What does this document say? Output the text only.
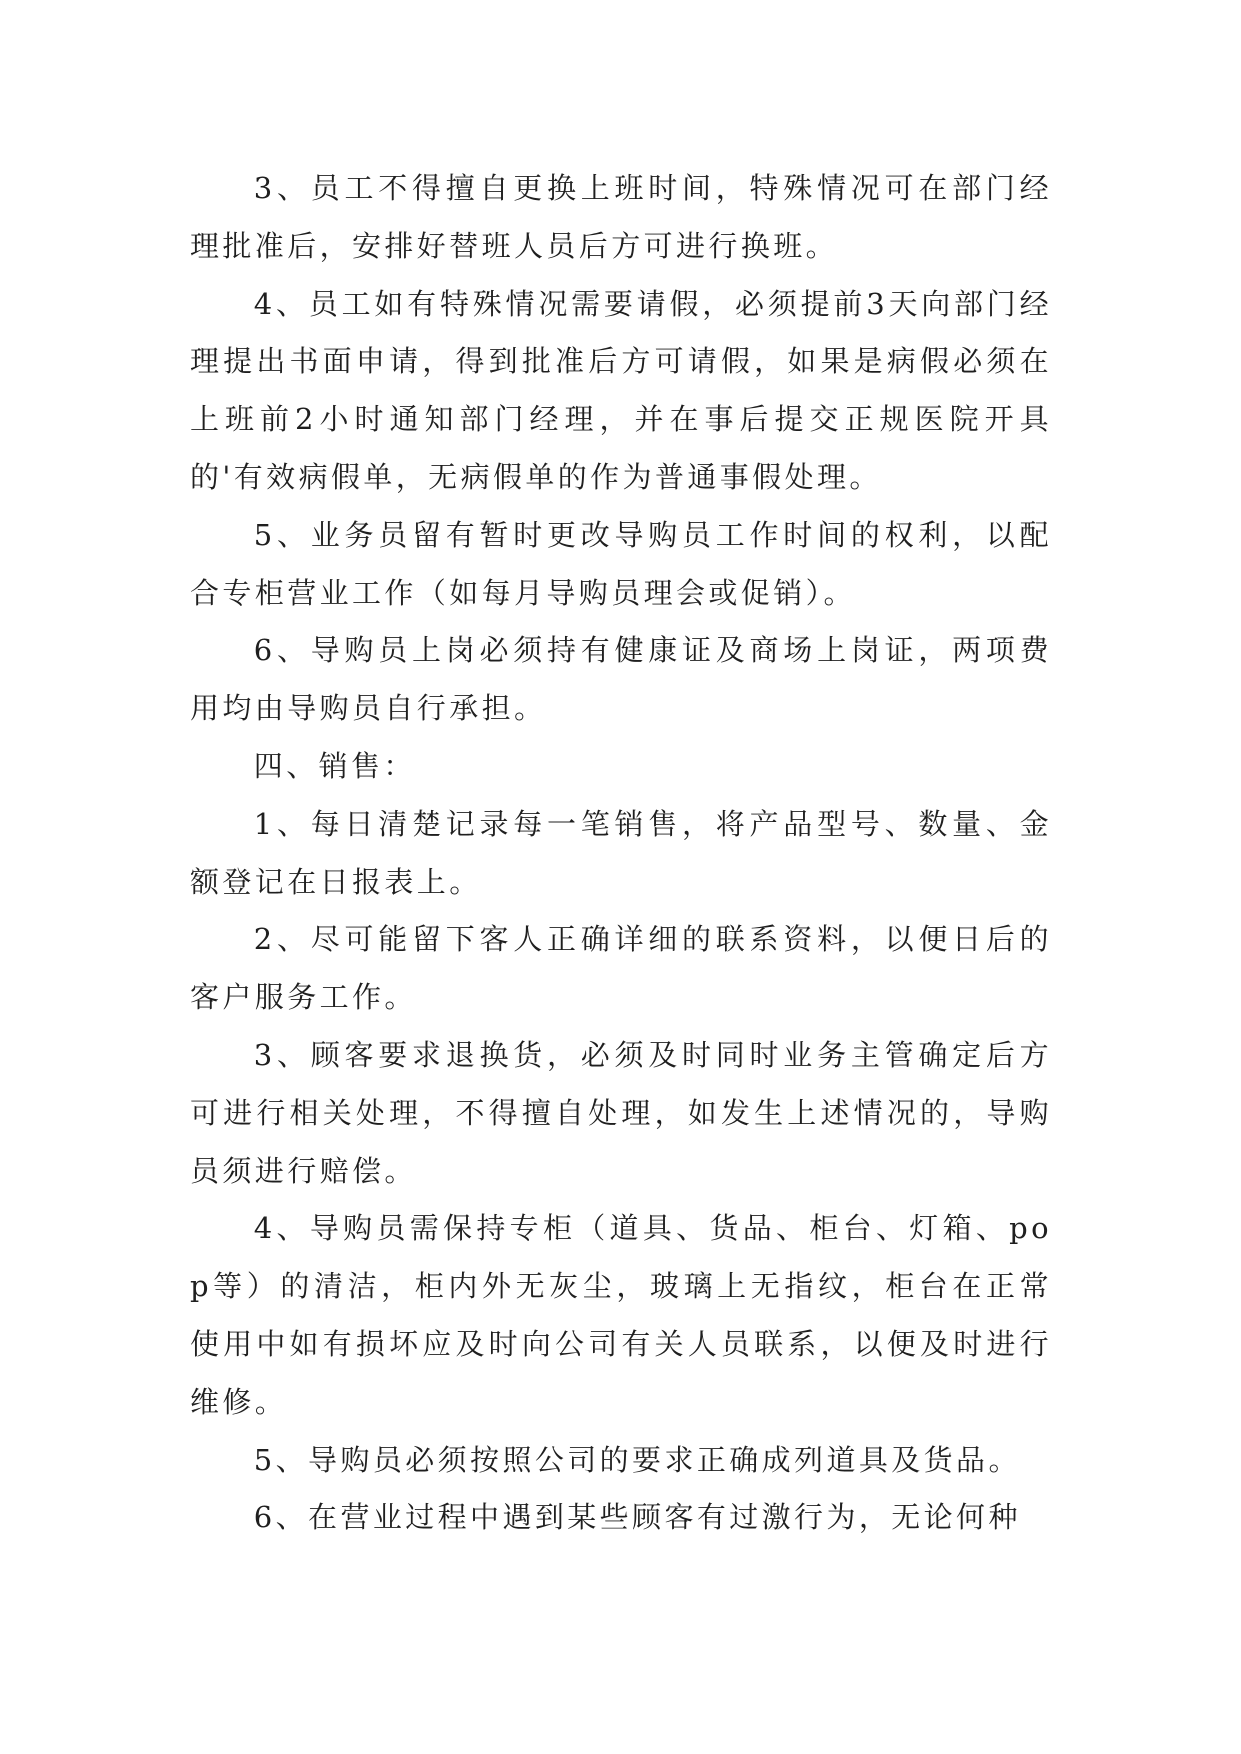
3、员工不得擅自更换上班时间，特殊情况可在部门经理批准后，安排好替班人员后方可进行换班。

4、员工如有特殊情况需要请假，必须提前3天向部门经理提出书面申请，得到批准后方可请假，如果是病假必须在上班前2小时通知部门经理，并在事后提交正规医院开具的'有效病假单，无病假单的作为普通事假处理。

5、业务员留有暂时更改导购员工作时间的权利，以配合专柜营业工作（如每月导购员理会或促销）。

6、导购员上岗必须持有健康证及商场上岗证，两项费用均由导购员自行承担。

四、销售：

1、每日清楚记录每一笔销售，将产品型号、数量、金额登记在日报表上。

2、尽可能留下客人正确详细的联系资料，以便日后的客户服务工作。

3、顾客要求退换货，必须及时同时业务主管确定后方可进行相关处理，不得擅自处理，如发生上述情况的，导购员须进行赔偿。

4、导购员需保持专柜（道具、货品、柜台、灯箱、pop等）的清洁，柜内外无灰尘，玻璃上无指纹，柜台在正常使用中如有损坏应及时向公司有关人员联系，以便及时进行维修。

5、导购员必须按照公司的要求正确成列道具及货品。

6、在营业过程中遇到某些顾客有过激行为，无论何种
